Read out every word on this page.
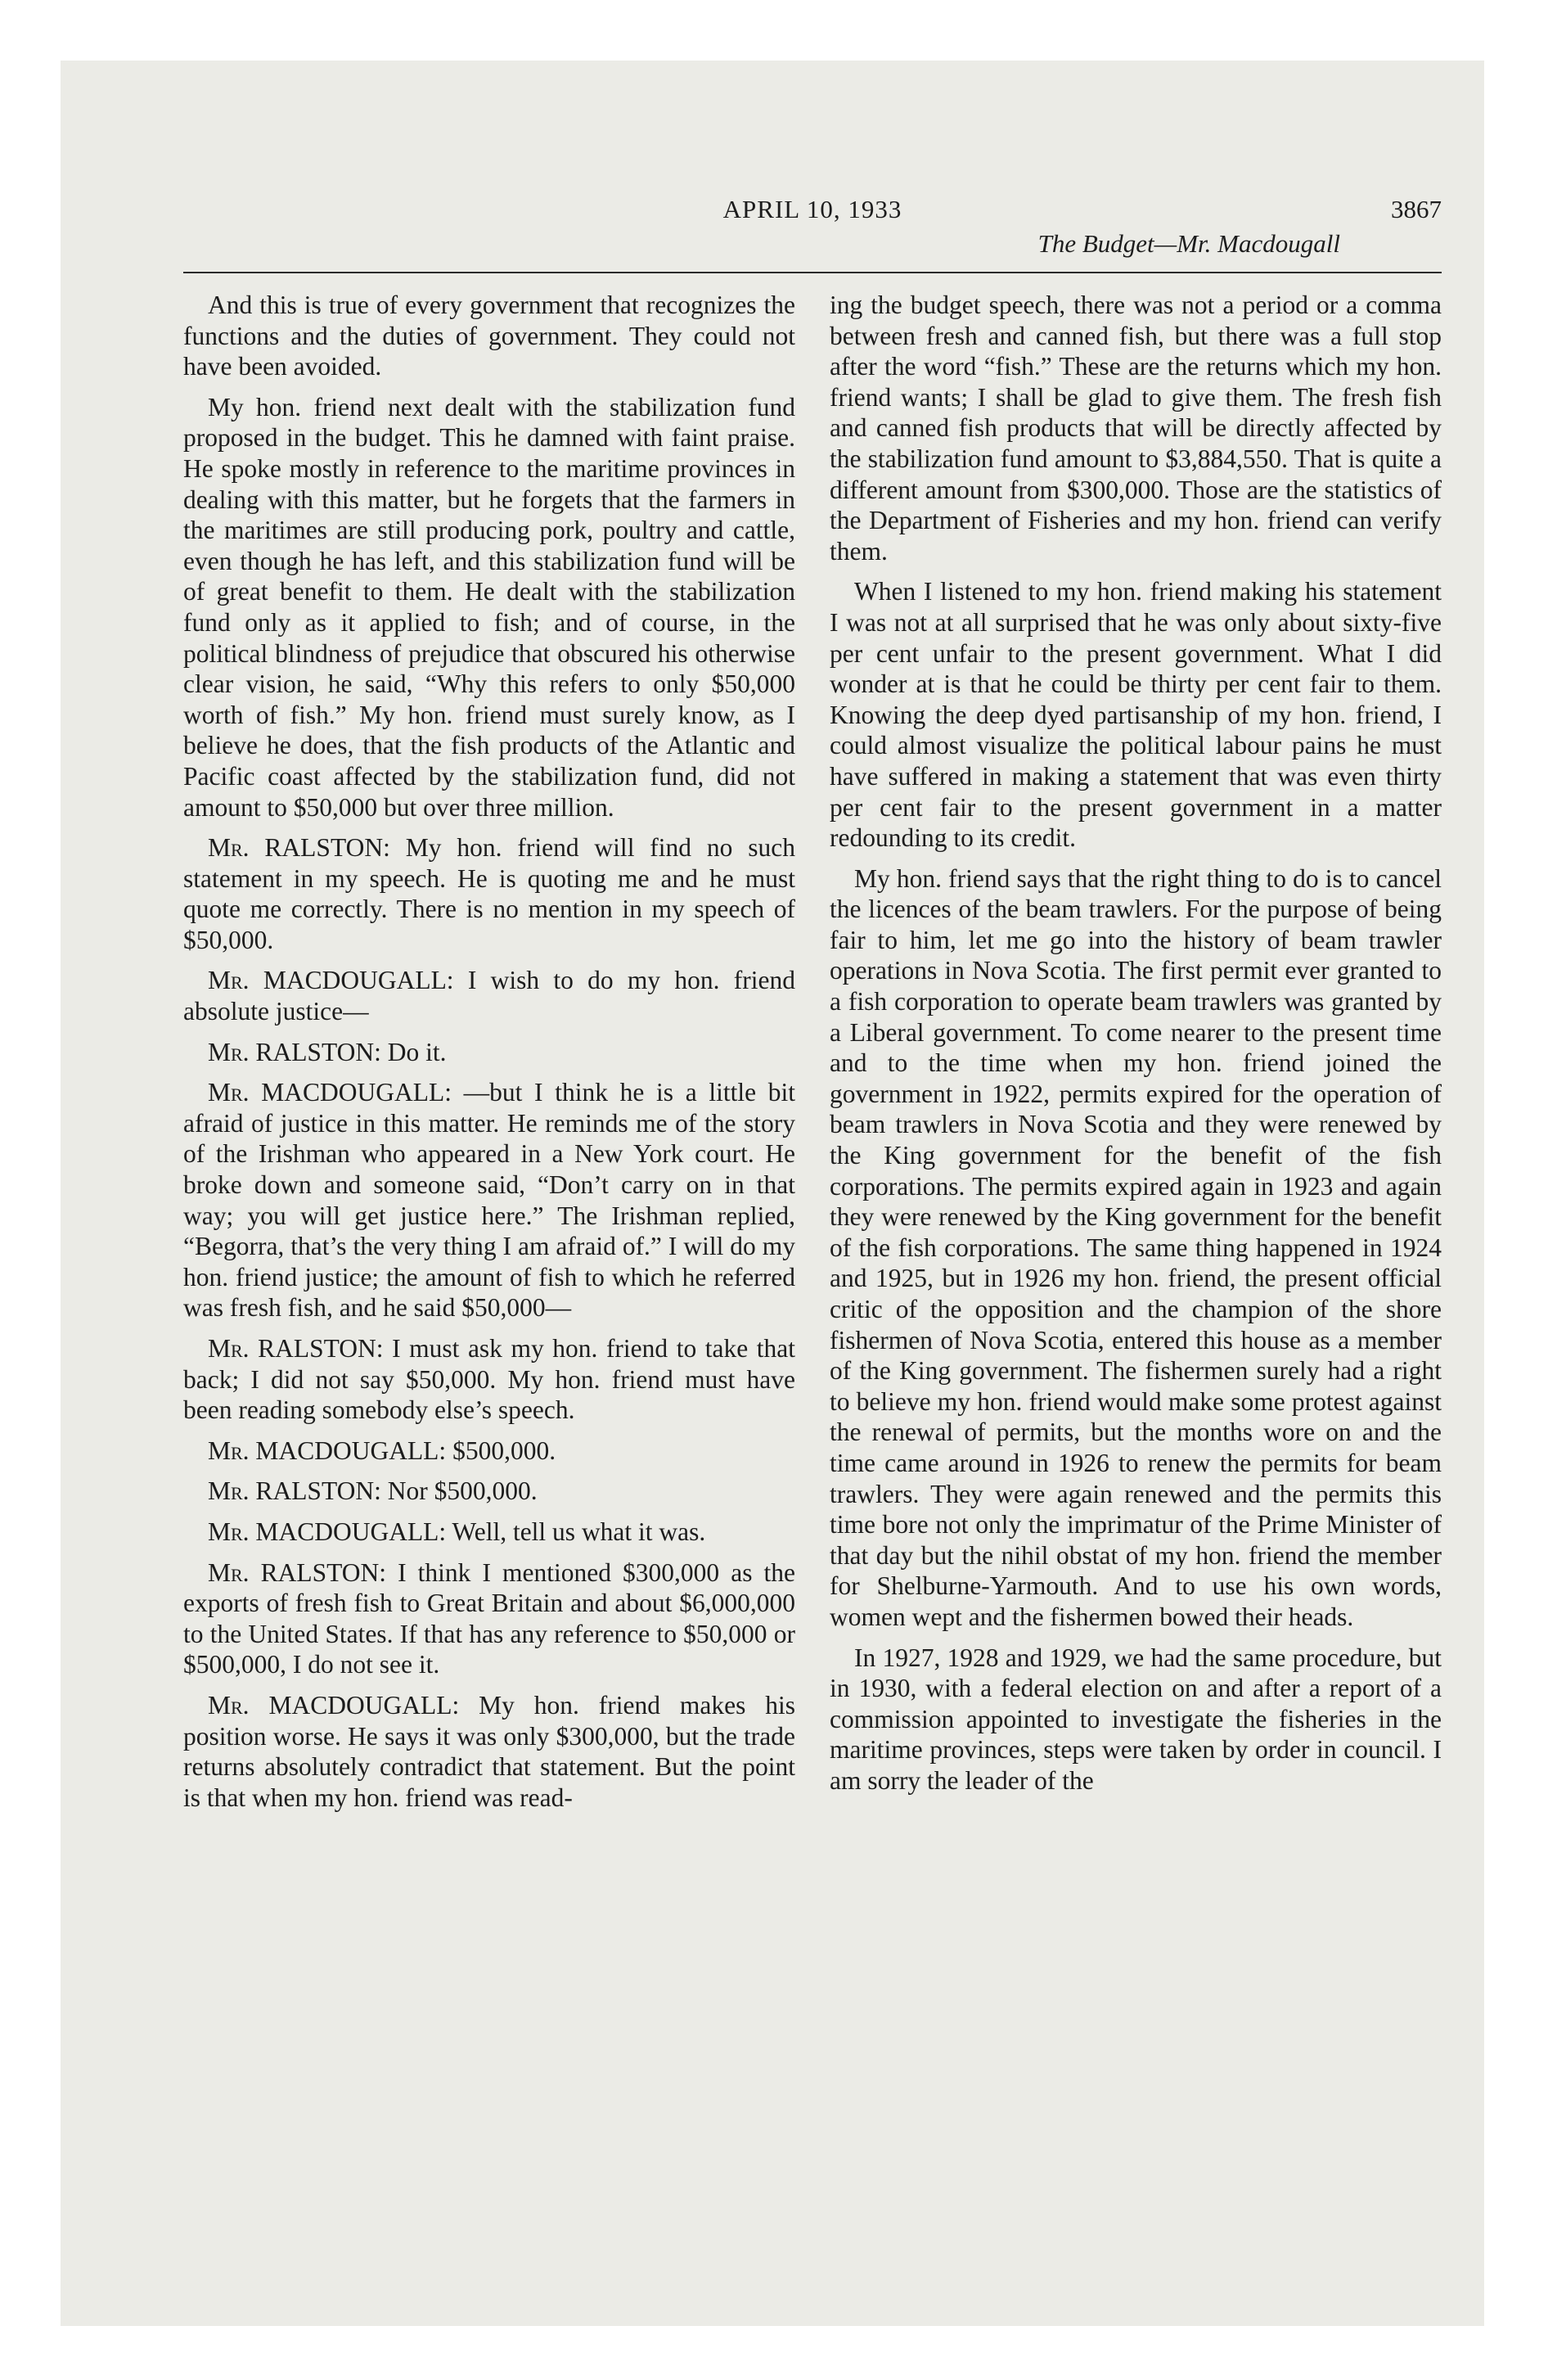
APRIL 10, 1933	3867
The Budget—Mr. Macdougall

And this is true of every government that recognizes the functions and the duties of government. They could not have been avoided.

My hon. friend next dealt with the stabilization fund proposed in the budget. This he damned with faint praise. He spoke mostly in reference to the maritime provinces in dealing with this matter, but he forgets that the farmers in the maritimes are still producing pork, poultry and cattle, even though he has left, and this stabilization fund will be of great benefit to them. He dealt with the stabilization fund only as it applied to fish; and of course, in the political blindness of prejudice that obscured his otherwise clear vision, he said, “Why this refers to only $50,000 worth of fish.” My hon. friend must surely know, as I believe he does, that the fish products of the Atlantic and Pacific coast affected by the stabilization fund, did not amount to $50,000 but over three million.

Mr. RALSTON: My hon. friend will find no such statement in my speech. He is quoting me and he must quote me correctly. There is no mention in my speech of $50,000.

Mr. MACDOUGALL: I wish to do my hon. friend absolute justice—

Mr. RALSTON: Do it.

Mr. MACDOUGALL: —but I think he is a little bit afraid of justice in this matter. He reminds me of the story of the Irishman who appeared in a New York court. He broke down and someone said, “Don’t carry on in that way; you will get justice here.” The Irishman replied, “Begorra, that’s the very thing I am afraid of.” I will do my hon. friend justice; the amount of fish to which he referred was fresh fish, and he said $50,000—

Mr. RALSTON: I must ask my hon. friend to take that back; I did not say $50,000. My hon. friend must have been reading somebody else’s speech.

Mr. MACDOUGALL: $500,000.

Mr. RALSTON: Nor $500,000.

Mr. MACDOUGALL: Well, tell us what it was.

Mr. RALSTON: I think I mentioned $300,000 as the exports of fresh fish to Great Britain and about $6,000,000 to the United States. If that has any reference to $50,000 or $500,000, I do not see it.

Mr. MACDOUGALL: My hon. friend makes his position worse. He says it was only $300,000, but the trade returns absolutely contradict that statement. But the point is that when my hon. friend was read-

ing the budget speech, there was not a period or a comma between fresh and canned fish, but there was a full stop after the word “fish.” These are the returns which my hon. friend wants; I shall be glad to give them. The fresh fish and canned fish products that will be directly affected by the stabilization fund amount to $3,884,550. That is quite a different amount from $300,000. Those are the statistics of the Department of Fisheries and my hon. friend can verify them.

When I listened to my hon. friend making his statement I was not at all surprised that he was only about sixty-five per cent unfair to the present government. What I did wonder at is that he could be thirty per cent fair to them. Knowing the deep dyed partisanship of my hon. friend, I could almost visualize the political labour pains he must have suffered in making a statement that was even thirty per cent fair to the present government in a matter redounding to its credit.

My hon. friend says that the right thing to do is to cancel the licences of the beam trawlers. For the purpose of being fair to him, let me go into the history of beam trawler operations in Nova Scotia. The first permit ever granted to a fish corporation to operate beam trawlers was granted by a Liberal government. To come nearer to the present time and to the time when my hon. friend joined the government in 1922, permits expired for the operation of beam trawlers in Nova Scotia and they were renewed by the King government for the benefit of the fish corporations. The permits expired again in 1923 and again they were renewed by the King government for the benefit of the fish corporations. The same thing happened in 1924 and 1925, but in 1926 my hon. friend, the present official critic of the opposition and the champion of the shore fishermen of Nova Scotia, entered this house as a member of the King government. The fishermen surely had a right to believe my hon. friend would make some protest against the renewal of permits, but the months wore on and the time came around in 1926 to renew the permits for beam trawlers. They were again renewed and the permits this time bore not only the imprimatur of the Prime Minister of that day but the nihil obstat of my hon. friend the member for Shelburne-Yarmouth. And to use his own words, women wept and the fishermen bowed their heads.

In 1927, 1928 and 1929, we had the same procedure, but in 1930, with a federal election on and after a report of a commission appointed to investigate the fisheries in the maritime provinces, steps were taken by order in council. I am sorry the leader of the
